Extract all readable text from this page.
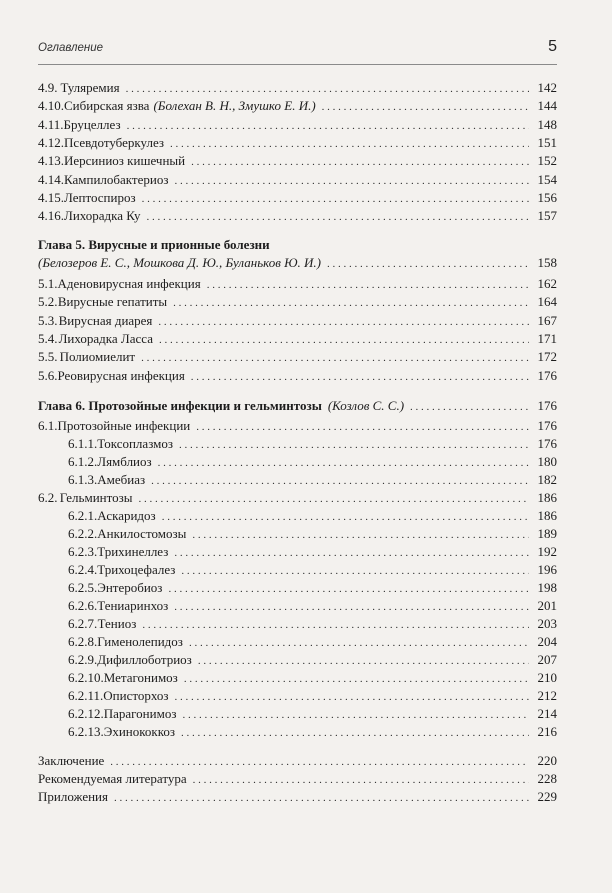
Оглавление	5
4.9. Туляремия . . .	142
4.10. Сибирская язва (Болехан В. Н., Змушко Е. И.) . . .	144
4.11. Бруцеллез . . .	148
4.12. Псевдотуберкулез . . .	151
4.13. Иерсиниоз кишечный . . .	152
4.14. Кампилобактериоз . . .	154
4.15. Лептоспироз . . .	156
4.16. Лихорадка Ку . . .	157
Глава 5. Вирусные и прионные болезни
(Белозеров Е. С., Мошкова Д. Ю., Буланьков Ю. И.) . . .	158
5.1. Аденовирусная инфекция . . .	162
5.2. Вирусные гепатиты . . .	164
5.3. Вирусная диарея . . .	167
5.4. Лихорадка Ласса . . .	171
5.5. Полиомиелит . . .	172
5.6. Реовирусная инфекция . . .	176
Глава 6. Протозойные инфекции и гельминтозы (Козлов С. С.) . . .	176
6.1. Протозойные инфекции . . .	176
6.1.1. Токсоплазмоз . . .	176
6.1.2. Лямблиоз . . .	180
6.1.3. Амебиаз . . .	182
6.2. Гельминтозы . . .	186
6.2.1. Аскаридоз . . .	186
6.2.2. Анкилостомозы . . .	189
6.2.3. Трихинеллез . . .	192
6.2.4. Трихоцефалез . . .	196
6.2.5. Энтеробиоз . . .	198
6.2.6. Тениаринхоз . . .	201
6.2.7. Тениоз . . .	203
6.2.8. Гименолепидоз . . .	204
6.2.9. Дифиллоботриоз . . .	207
6.2.10. Метагонимоз . . .	210
6.2.11. Описторхоз . . .	212
6.2.12. Парагонимоз . . .	214
6.2.13. Эхинококкоз . . .	216
Заключение . . .	220
Рекомендуемая литература . . .	228
Приложения . . .	229
